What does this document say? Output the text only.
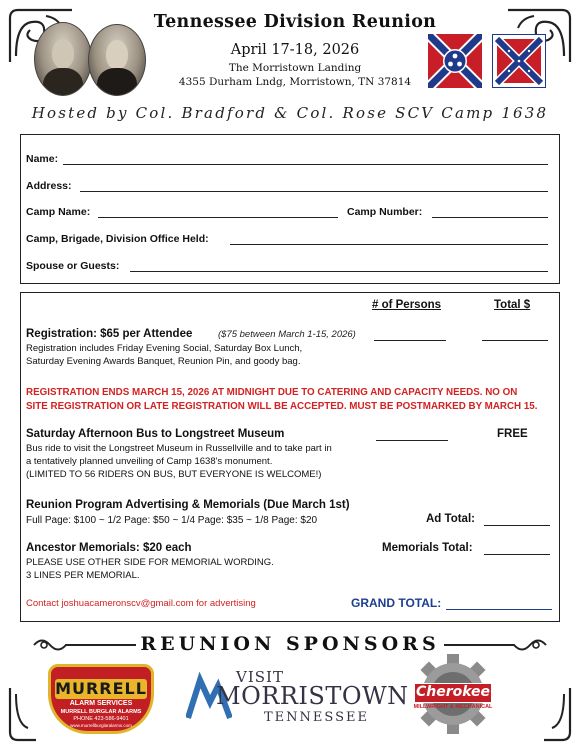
Tennessee Division Reunion
April 17-18, 2026
The Morristown Landing
4355 Durham Lndg, Morristown, TN 37814
Hosted by Col. Bradford & Col. Rose SCV Camp 1638
Name:
Address:
Camp Name:	Camp Number:
Camp, Brigade, Division Office Held:
Spouse or Guests:
# of Persons	Total $
Registration: $65 per Attendee	($75 between March 1-15, 2026)
Registration includes Friday Evening Social, Saturday Box Lunch,
Saturday Evening Awards Banquet, Reunion Pin, and goody bag.
REGISTRATION ENDS MARCH 15, 2026 AT MIDNIGHT DUE TO CATERING AND CAPACITY NEEDS. NO ON
SITE REGISTRATION OR LATE REGISTRATION WILL BE ACCEPTED. MUST BE POSTMARKED BY MARCH 15.
Saturday Afternoon Bus to Longstreet Museum	FREE
Bus ride to visit the Longstreet Museum in Russellville and to take part in
a tentatively planned unveiling of Camp 1638's monument.
(LIMITED TO 56 RIDERS ON BUS, BUT EVERYONE IS WELCOME!)
Reunion Program Advertising & Memorials (Due March 1st)
Full Page: $100 ~ 1/2 Page: $50 ~ 1/4 Page: $35 ~ 1/8 Page: $20	Ad Total:
Ancestor Memorials: $20 each
PLEASE USE OTHER SIDE FOR MEMORIAL WORDING.
3 LINES PER MEMORIAL.
Memorials Total:
Contact joshuacameronscv@gmail.com for advertising	GRAND TOTAL:
REUNION SPONSORS
MURRELL
ALARM SERVICES
MURRELL BURGLAR ALARMS
PHONE 423-586-9401
www.murrellburglaralarms.com
VISIT
MORRISTOWN
TENNESSEE
Cherokee
MILLWRIGHT & MECHANICAL
